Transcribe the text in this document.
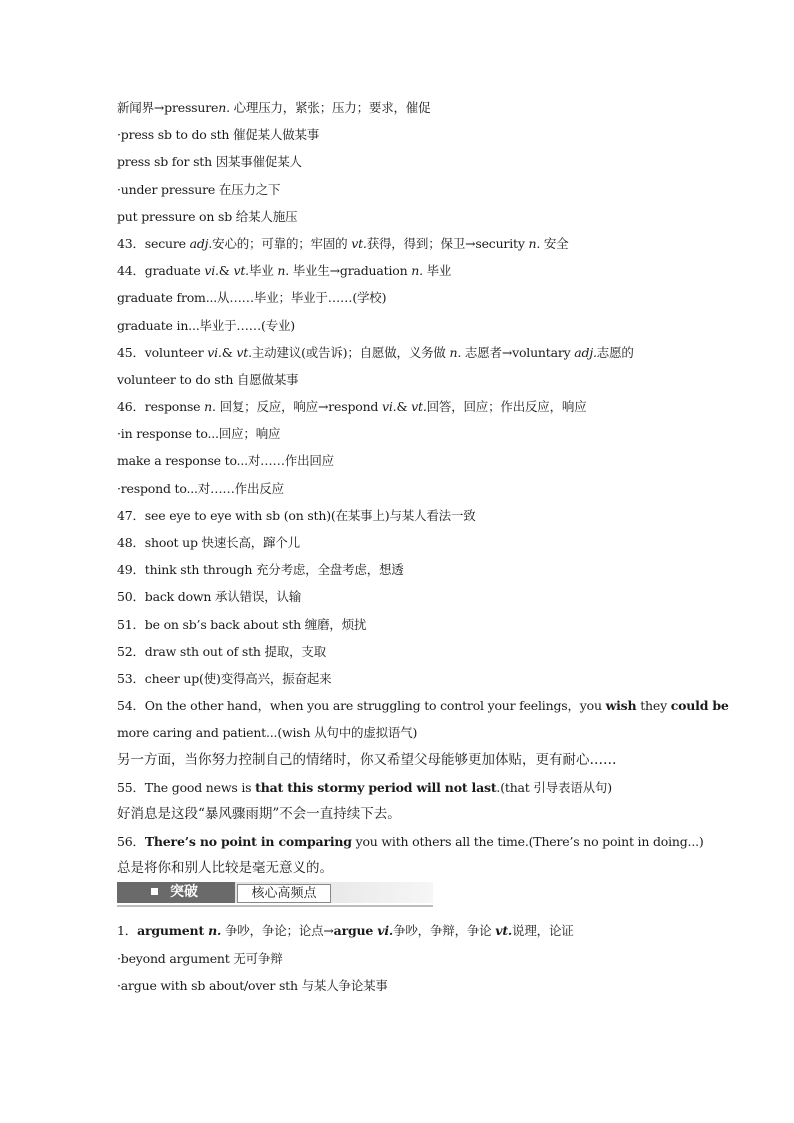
新闻界→pressuren. 心理压力，紧张；压力；要求，催促
·press sb to do sth 催促某人做某事
press sb for sth 因某事催促某人
·under pressure 在压力之下
put pressure on sb 给某人施压
43．secure adj.安心的；可靠的；牢固的 vt.获得，得到；保卫→security n. 安全
44．graduate vi.& vt.毕业 n. 毕业生→graduation n. 毕业
graduate from...从……毕业；毕业于……(学校)
graduate in...毕业于……(专业)
45．volunteer vi.& vt.主动建议(或告诉)；自愿做，义务做 n. 志愿者→voluntary adj.志愿的
volunteer to do sth 自愿做某事
46．response n. 回复；反应，响应→respond vi.& vt.回答，回应；作出反应，响应
·in response to...回应；响应
make a response to...对……作出回应
·respond to...对……作出反应
47．see eye to eye with sb (on sth)(在某事上)与某人看法一致
48．shoot up 快速长高，蹿个儿
49．think sth through 充分考虑，全盘考虑，想透
50．back down 承认错误，认输
51．be on sb’s back about sth 缠磨，烦扰
52．draw sth out of sth 提取，支取
53．cheer up(使)变得高兴，振奋起来
54．On the other hand，when you are struggling to control your feelings，you wish they could be
more caring and patient...(wish 从句中的虚拟语气)
另一方面，当你努力控制自己的情绪时，你又希望父母能够更加体贴，更有耐心……
55．The good news is that this stormy period will not last.(that 引导表语从句)
好消息是这段“暴风骤雨期”不会一直持续下去。
56．There’s no point in comparing you with others all the time.(There’s no point in doing...)
总是将你和别人比较是毫无意义的。
突破	核心高频点
1．argument n. 争吵，争论；论点→argue vi.争吵，争辩，争论 vt.说理，论证
·beyond argument 无可争辩
·argue with sb about/over sth 与某人争论某事
